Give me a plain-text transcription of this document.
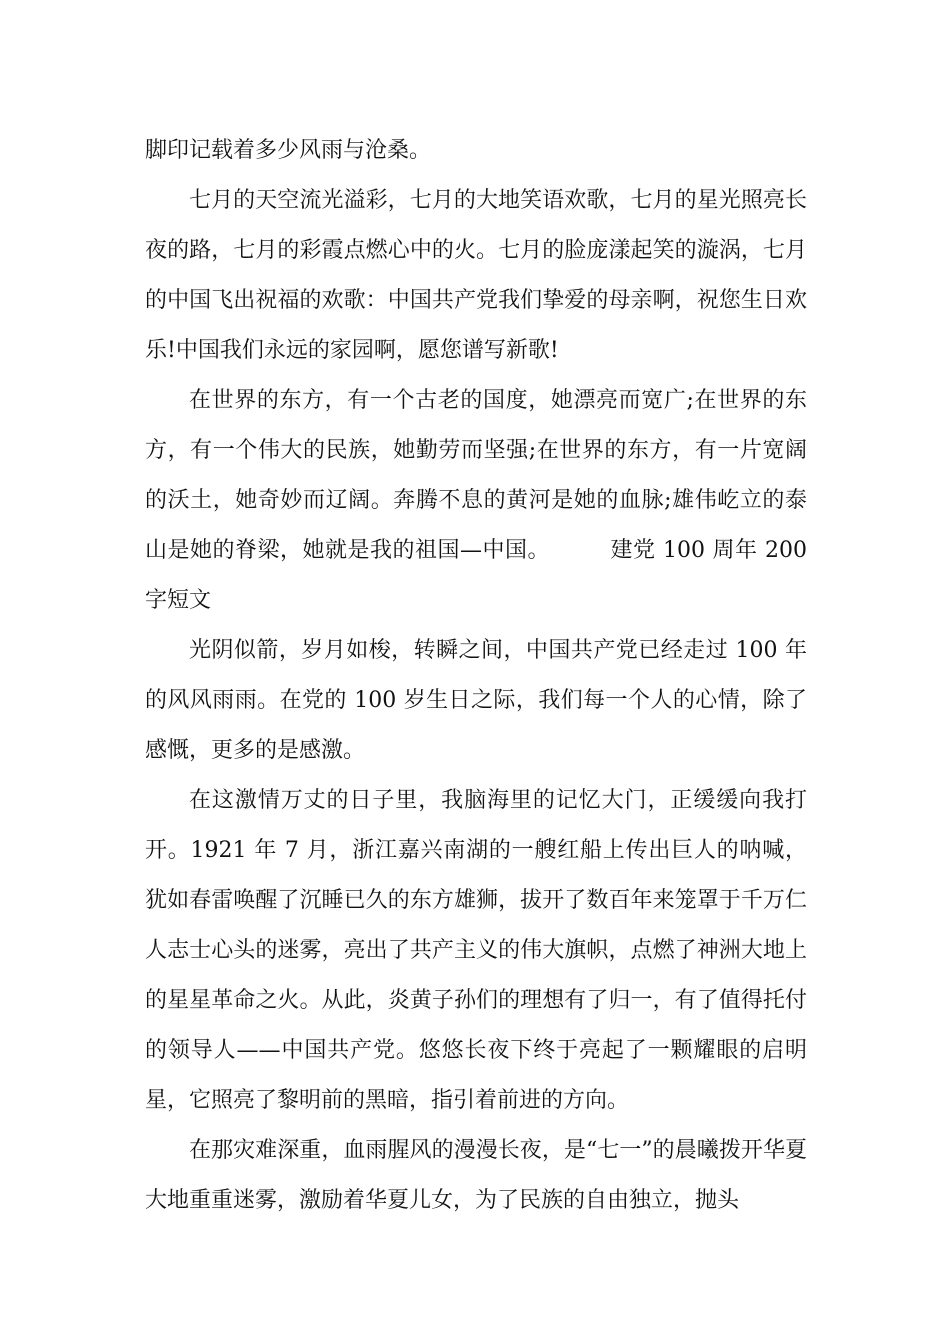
脚印记载着多少风雨与沧桑。

七月的天空流光溢彩，七月的大地笑语欢歌，七月的星光照亮长夜的路，七月的彩霞点燃心中的火。七月的脸庞漾起笑的漩涡，七月的中国飞出祝福的欢歌：中国共产党我们挚爱的母亲啊，祝您生日欢乐!中国我们永远的家园啊，愿您谱写新歌!

在世界的东方，有一个古老的国度，她漂亮而宽广;在世界的东方，有一个伟大的民族，她勤劳而坚强;在世界的东方，有一片宽阔的沃土，她奇妙而辽阔。奔腾不息的黄河是她的血脉;雄伟屹立的泰山是她的脊梁，她就是我的祖国—中国。	建党 100 周年 200 字短文

光阴似箭，岁月如梭，转瞬之间，中国共产党已经走过 100 年的风风雨雨。在党的 100 岁生日之际，我们每一个人的心情，除了感慨，更多的是感激。

在这激情万丈的日子里，我脑海里的记忆大门，正缓缓向我打开。1921 年 7 月，浙江嘉兴南湖的一艘红船上传出巨人的呐喊，犹如春雷唤醒了沉睡已久的东方雄狮，拔开了数百年来笼罩于千万仁人志士心头的迷雾，亮出了共产主义的伟大旗帜，点燃了神洲大地上的星星革命之火。从此，炎黄子孙们的理想有了归一，有了值得托付的领导人——中国共产党。悠悠长夜下终于亮起了一颗耀眼的启明星，它照亮了黎明前的黑暗，指引着前进的方向。

在那灾难深重，血雨腥风的漫漫长夜，是“七一”的晨曦拨开华夏大地重重迷雾，激励着华夏儿女，为了民族的自由独立，抛头
